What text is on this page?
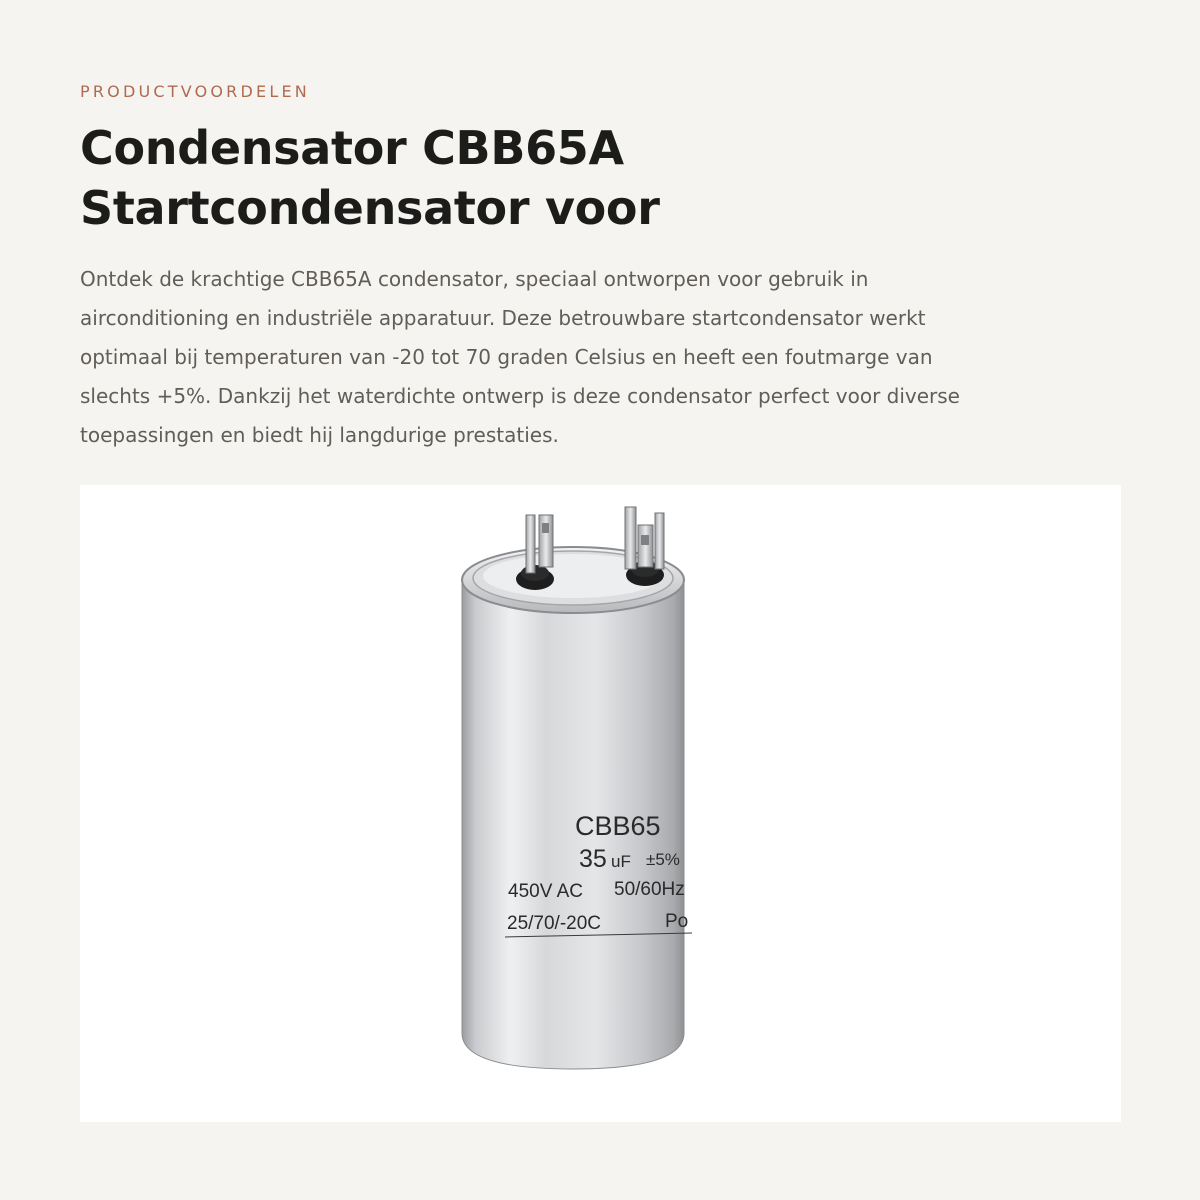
PRODUCTVOORDELEN

Condensator CBB65A
Startcondensator voor

Ontdek de krachtige CBB65A condensator, speciaal ontworpen voor gebruik in
airconditioning en industriële apparatuur. Deze betrouwbare startcondensator werkt
optimaal bij temperaturen van -20 tot 70 graden Celsius en heeft een foutmarge van
slechts +5%. Dankzij het waterdichte ontwerp is deze condensator perfect voor diverse
toepassingen en biedt hij langdurige prestaties.

CBB65
35 uF ±5%
450V AC 50/60Hz
25/70/-20C	Po
